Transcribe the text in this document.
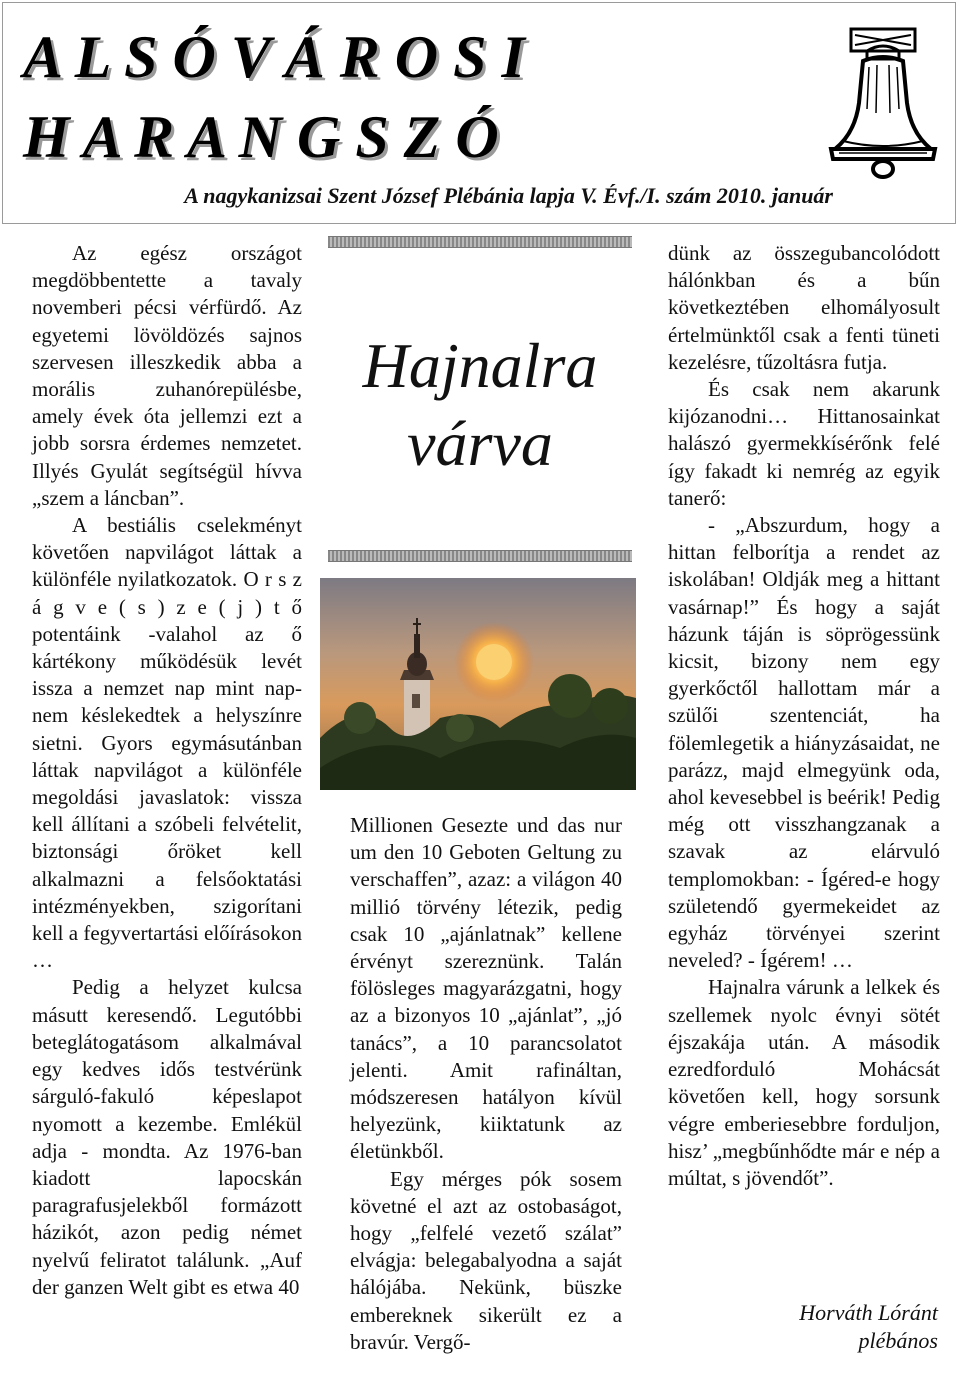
A L S Ó V Á R O S I
H A R A N G S Z Ó
A nagykanizsai Szent József Plébánia lapja V. Évf./I. szám 2010. január

Az egész országot megdöbbentette a tavaly novemberi pécsi vérfürdő. Az egyetemi lövöldözés sajnos szervesen illeszkedik abba a morális zuhanórepülésbe, amely évek óta jellemzi ezt a jobb sorsra érdemes nemzetet. Illyés Gyulát segítségül hívva „szem a láncban”.

A bestiális cselekményt követően napvilágot láttak a különféle nyilatkozatok. O r s z á g v e ( s ) z e ( j ) t ő potentáink -valahol az ő kártékony működésük levét issza a nemzet nap mint nap- nem késlekedtek a helyszínre sietni. Gyors egymásutánban láttak napvilágot a különféle megoldási javaslatok: vissza kell állítani a szóbeli felvételit, biztonsági őröket kell alkalmazni a felsőoktatási intézményekben, szigorítani kell a fegyvertartási előírásokon …

Pedig a helyzet kulcsa másutt keresendő. Legutóbbi beteglátogatásom alkalmával egy kedves idős testvérünk sárguló-fakuló képeslapot nyomott a kezembe. Emlékül adja - mondta. Az 1976-ban kiadott lapocskán paragrafusjelekből formázott házikót, azon pedig német nyelvű feliratot találunk. „Auf der ganzen Welt gibt es etwa 40

Hajnalra
várva

Millionen Gesezte und das nur um den 10 Geboten Geltung zu verschaffen”, azaz: a világon 40 millió törvény létezik, pedig csak 10 „ajánlatnak” kellene érvényt szereznünk. Talán fölösleges magyarázgatni, hogy az a bizonyos 10 „ajánlat”, „jó tanács”, a 10 parancsolatot jelenti. Amit rafináltan, módszeresen hatályon kívül helyezünk, kiiktatunk az életünkből.

Egy mérges pók sosem követné el azt az ostobaságot, hogy „felfelé vezető szálat” elvágja: belegabalyodna a saját hálójába. Nekünk, büszke embereknek sikerült ez a bravúr. Vergő-

dünk az összegubancolódott hálónkban és a bűn következtében elhomályosult értelmünktől csak a fenti tüneti kezelésre, tűzoltásra futja.

És csak nem akarunk kijózanodni… Hittanosainkat halászó gyermekkísérőnk felé így fakadt ki nemrég az egyik tanerő:

- „Abszurdum, hogy a hittan felborítja a rendet az iskolában! Oldják meg a hittant vasárnap!” És hogy a saját házunk táján is söprögessünk kicsit, bizony nem egy gyerkőctől hallottam már a szülői szentenciát, ha fölemlegetik a hiányzásaidat, ne parázz, majd elmegyünk oda, ahol kevesebbel is beérik! Pedig még ott visszhangzanak a szavak az elárvuló templomokban: - Ígéred-e hogy születendő gyermekeidet az egyház törvényei szerint neveled? - Ígérem! …

Hajnalra várunk a lelkek és szellemek nyolc évnyi sötét éjszakája után. A második ezredforduló Mohácsát követően kell, hogy sorsunk végre emberiesebbre forduljon, hisz’ „megbűnhődte már e nép a múltat, s jövendőt”.

Horváth Lóránt
plébános
